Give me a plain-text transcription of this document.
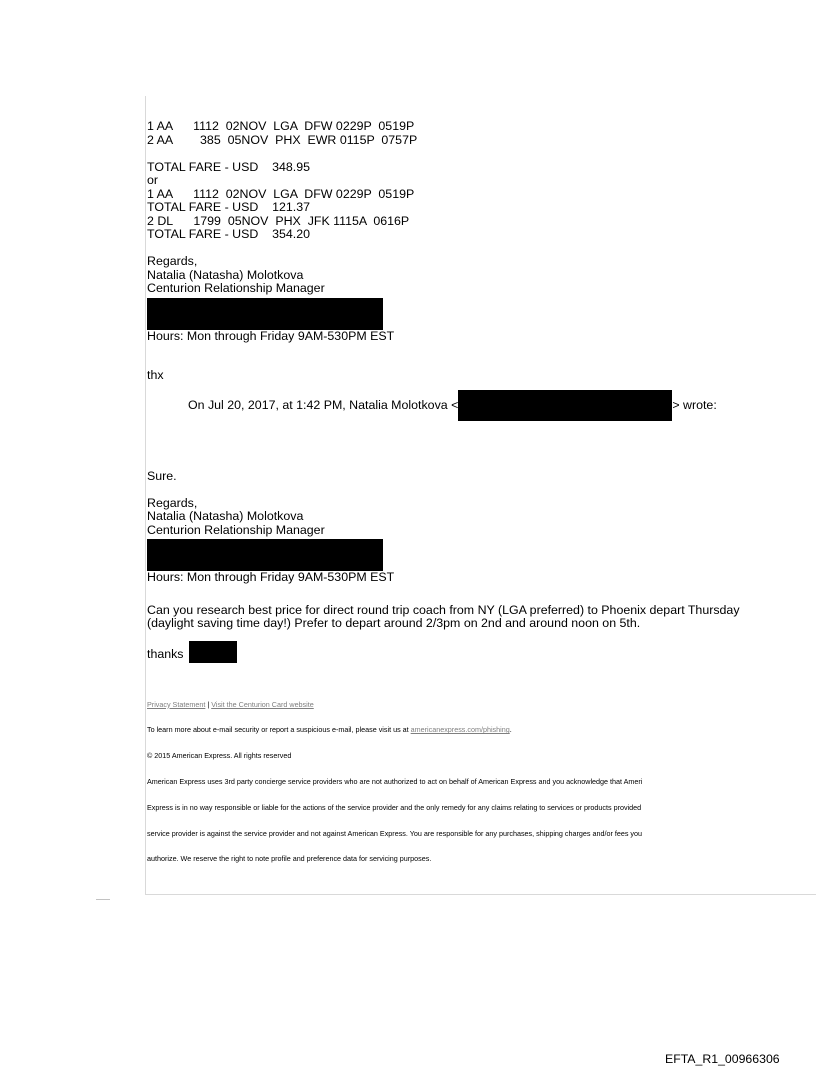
1 AA      1112  02NOV  LGA  DFW 0229P  0519P
2 AA        385  05NOV  PHX  EWR 0115P  0757P
TOTAL FARE - USD    348.95
or
1 AA      1112  02NOV  LGA  DFW 0229P  0519P
TOTAL FARE - USD    121.37
2 DL      1799  05NOV  PHX  JFK 1115A  0616P
TOTAL FARE - USD    354.20
Regards,
Natalia (Natasha) Molotkova
Centurion Relationship Manager
Hours: Mon through Friday 9AM-530PM EST
thx
On Jul 20, 2017, at 1:42 PM, Natalia Molotkova <	> wrote:
Sure.
Regards,
Natalia (Natasha) Molotkova
Centurion Relationship Manager
Hours: Mon through Friday 9AM-530PM EST
Can you research best price for direct round trip coach from NY (LGA preferred) to Phoenix depart Thursday
(daylight saving time day!) Prefer to depart around 2/3pm on 2nd and around noon on 5th.
thanks

Privacy Statement | Visit the Centurion Card website

To learn more about e-mail security or report a suspicious e-mail, please visit us at americanexpress.com/phishing.

© 2015 American Express. All rights reserved

American Express uses 3rd party concierge service providers who are not authorized to act on behalf of American Express and you acknowledge that Ameri

Express is in no way responsible or liable for the actions of the service provider and the only remedy for any claims relating to services or products provided

service provider is against the service provider and not against American Express. You are responsible for any purchases, shipping charges and/or fees you

authorize. We reserve the right to note profile and preference data for servicing purposes.

EFTA_R1_00966306
